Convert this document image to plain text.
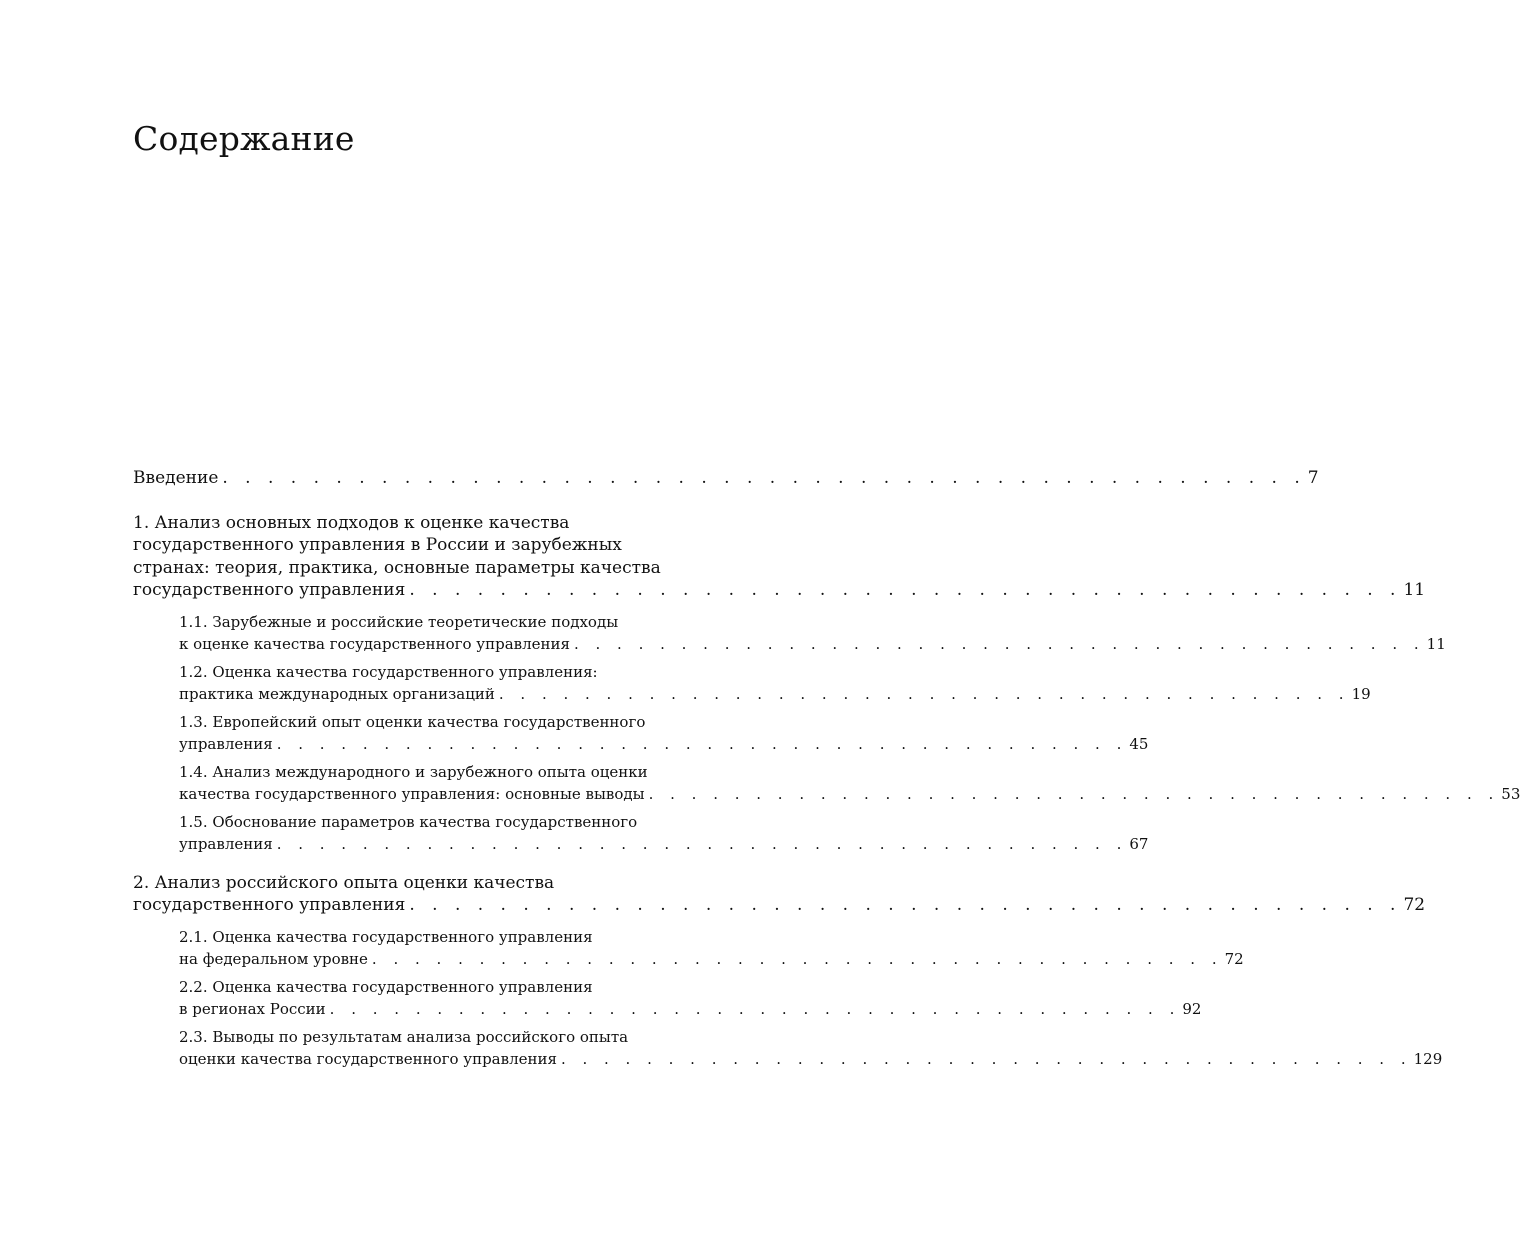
Содержание
Введение . . . . . . . . . . . . . . . . . . . . . . . . . . . . . . . . . . . . . . . . . . . . . . . . 7
1. Анализ основных подходов к оценке качества
государственного управления в России и зарубежных
странах: теория, практика, основные параметры качества
государственного управления . . . . . . . . . . . . . . . . . . . . . . . . . . . . . . . . . . . . . . . . . . . . 11
1.1. Зарубежные и российские теоретические подходы
к оценке качества государственного управления . . . . . . . . . . . . . . . . . . . . . . . . . . . . . . . . . . . . . . . . 11
1.2. Оценка качества государственного управления:
практика международных организаций . . . . . . . . . . . . . . . . . . . . . . . . . . . . . . . . . . . . . . . . 19
1.3. Европейский опыт оценки качества государственного
управления . . . . . . . . . . . . . . . . . . . . . . . . . . . . . . . . . . . . . . . . 45
1.4. Анализ международного и зарубежного опыта оценки
качества государственного управления: основные выводы . . . . . . . . . . . . . . . . . . . . . . . . . . . . . . . . . . . . . . . . 53
1.5. Обоснование параметров качества государственного
управления . . . . . . . . . . . . . . . . . . . . . . . . . . . . . . . . . . . . . . . . 67
2. Анализ российского опыта оценки качества
государственного управления . . . . . . . . . . . . . . . . . . . . . . . . . . . . . . . . . . . . . . . . . . . . 72
2.1. Оценка качества государственного управления
на федеральном уровне . . . . . . . . . . . . . . . . . . . . . . . . . . . . . . . . . . . . . . . . 72
2.2. Оценка качества государственного управления
в регионах России . . . . . . . . . . . . . . . . . . . . . . . . . . . . . . . . . . . . . . . . 92
2.3. Выводы по результатам анализа российского опыта
оценки качества государственного управления . . . . . . . . . . . . . . . . . . . . . . . . . . . . . . . . . . . . . . . . 129
